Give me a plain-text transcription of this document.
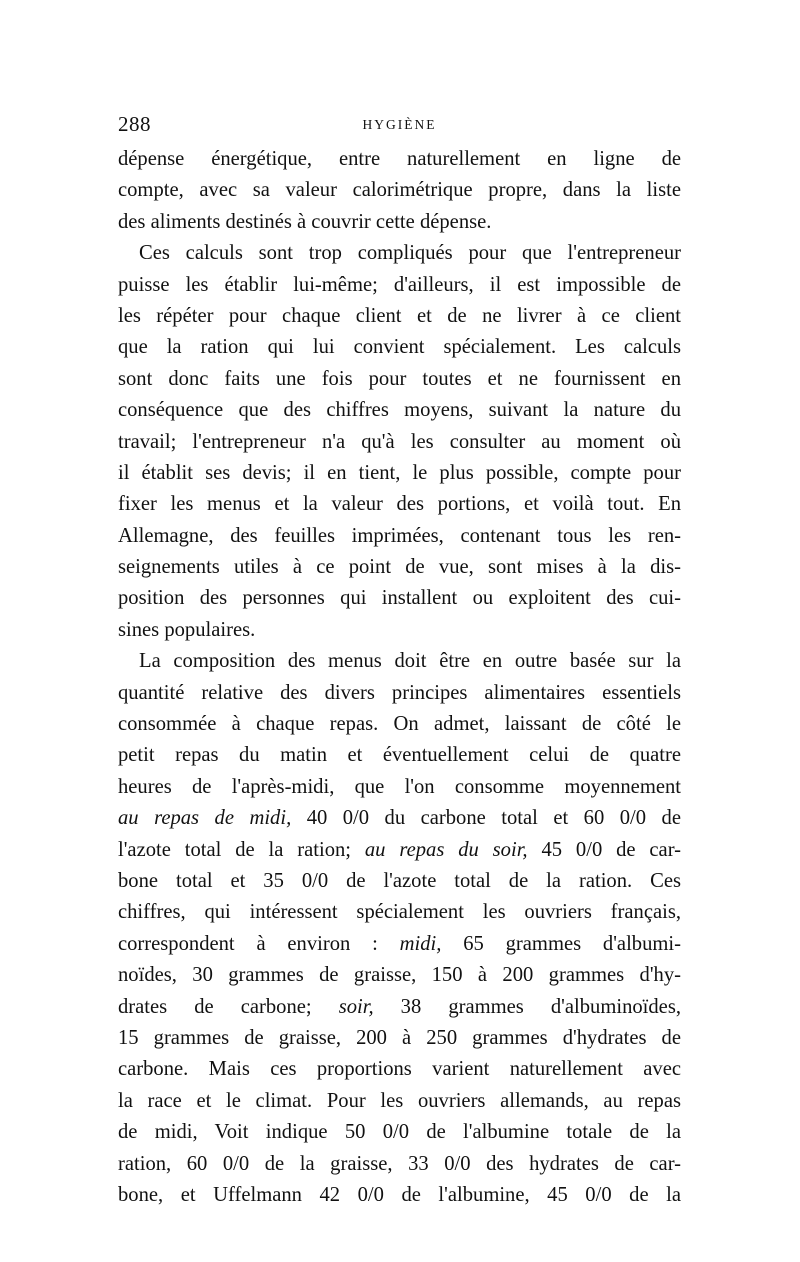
288	HYGIÈNE
dépense énergétique, entre naturellement en ligne de
compte, avec sa valeur calorimétrique propre, dans la liste
des aliments destinés à couvrir cette dépense.
Ces calculs sont trop compliqués pour que l'entrepreneur
puisse les établir lui-même; d'ailleurs, il est impossible de
les répéter pour chaque client et de ne livrer à ce client
que la ration qui lui convient spécialement. Les calculs
sont donc faits une fois pour toutes et ne fournissent en
conséquence que des chiffres moyens, suivant la nature du
travail; l'entrepreneur n'a qu'à les consulter au moment où
il établit ses devis; il en tient, le plus possible, compte pour
fixer les menus et la valeur des portions, et voilà tout. En
Allemagne, des feuilles imprimées, contenant tous les ren-
seignements utiles à ce point de vue, sont mises à la dis-
position des personnes qui installent ou exploitent des cui-
sines populaires.
La composition des menus doit être en outre basée sur la
quantité relative des divers principes alimentaires essentiels
consommée à chaque repas. On admet, laissant de côté le
petit repas du matin et éventuellement celui de quatre
heures de l'après-midi, que l'on consomme moyennement
au repas de midi, 40 0/0 du carbone total et 60 0/0 de
l'azote total de la ration; au repas du soir, 45 0/0 de car-
bone total et 35 0/0 de l'azote total de la ration. Ces
chiffres, qui intéressent spécialement les ouvriers français,
correspondent à environ : midi, 65 grammes d'albumi-
noïdes, 30 grammes de graisse, 150 à 200 grammes d'hy-
drates de carbone; soir, 38 grammes d'albuminoïdes,
15 grammes de graisse, 200 à 250 grammes d'hydrates de
carbone. Mais ces proportions varient naturellement avec
la race et le climat. Pour les ouvriers allemands, au repas
de midi, Voit indique 50 0/0 de l'albumine totale de la
ration, 60 0/0 de la graisse, 33 0/0 des hydrates de car-
bone, et Uffelmann 42 0/0 de l'albumine, 45 0/0 de la
